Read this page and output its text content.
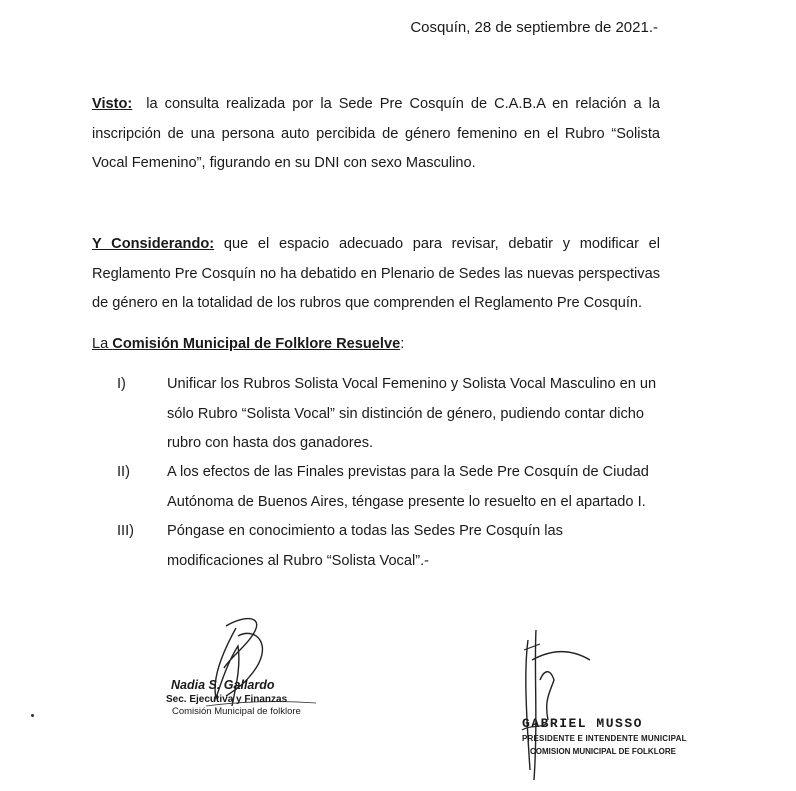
Cosquín, 28 de septiembre de 2021.-
Visto: la consulta realizada por la Sede Pre Cosquín de C.A.B.A en relación a la inscripción de una persona auto percibida de género femenino en el Rubro “Solista Vocal Femenino”, figurando en su DNI con sexo Masculino.
Y Considerando: que el espacio adecuado para revisar, debatir y modificar el Reglamento Pre Cosquín no ha debatido en Plenario de Sedes las nuevas perspectivas de género en la totalidad de los rubros que comprenden el Reglamento Pre Cosquín.
La Comisión Municipal de Folklore Resuelve:
I)	Unificar los Rubros Solista Vocal Femenino y Solista Vocal Masculino en un sólo Rubro “Solista Vocal” sin distinción de género, pudiendo contar dicho rubro con hasta dos ganadores.
II)	A los efectos de las Finales previstas para la Sede Pre Cosquín de Ciudad Autónoma de Buenos Aires, téngase presente lo resuelto en el apartado I.
III)	Póngase en conocimiento a todas las Sedes Pre Cosquín las modificaciones al Rubro “Solista Vocal”.-
Nadia S. Gallardo
Sec. Ejecutiva y Finanzas
Comisión Municipal de folklore
GABRIEL MUSSO
PRESIDENTE E INTENDENTE MUNICIPAL
COMISION MUNICIPAL DE FOLKLORE
